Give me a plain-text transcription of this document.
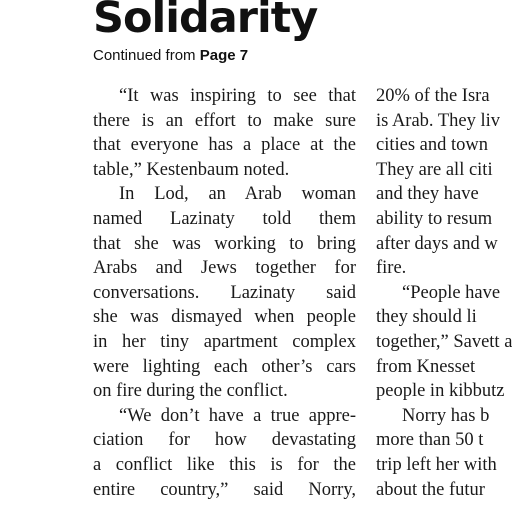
Solidarity
Continued from Page 7
“It was inspiring to see that
there is an effort to make sure
that everyone has a place at the
table,” Kestenbaum noted.
In Lod, an Arab woman
named Lazinaty told them
that she was working to bring
Arabs and Jews together for
conversations. Lazinaty said
she was dismayed when people
in her tiny apartment complex
were lighting each other’s cars
on fire during the conflict.
“We don’t have a true appre-
ciation for how devastating
a conflict like this is for the
entire country,” said Norry,
20% of the Isra
is Arab. They liv
cities and town
They are all citi
and they have
ability to resum
after days and w
fire.
“People have
they should li
together,” Savett a
from Knesset
people in kibbutz
Norry has b
more than 50 t
trip left her with
about the futur
